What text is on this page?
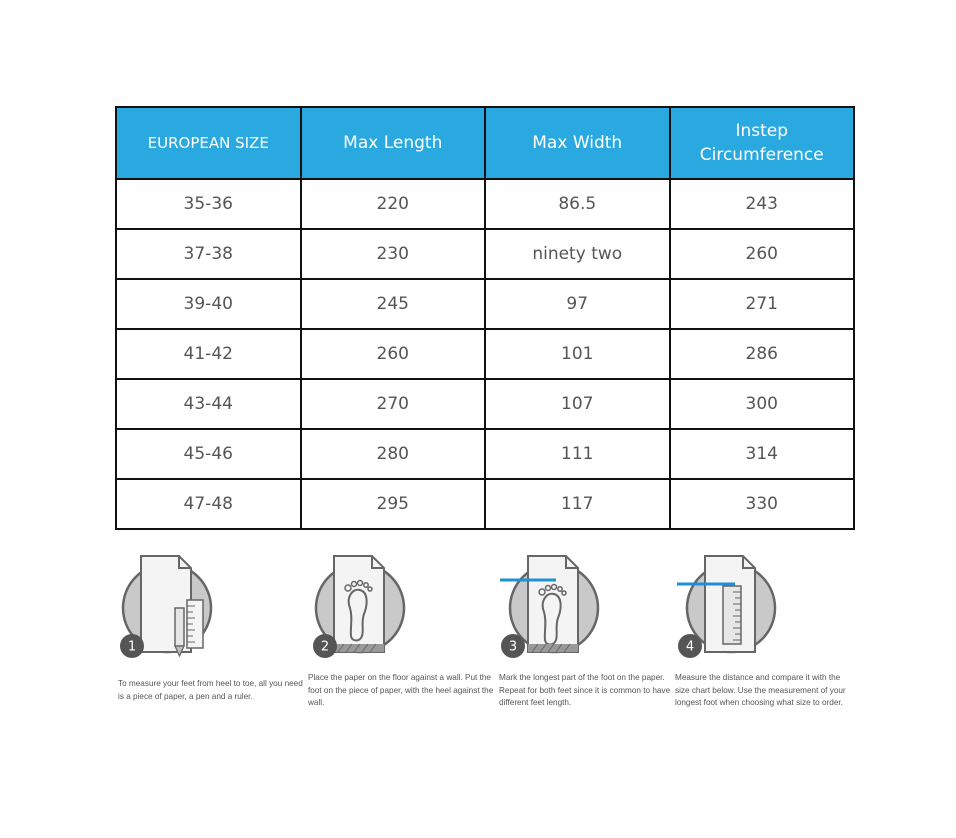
EUROPEAN SIZE	Max Length	Max Width	Instep
Circumference
35-36	220	86.5	243
37-38	230	ninety two	260
39-40	245	97	271
41-42	260	101	286
43-44	270	107	300
45-46	280	111	314
47-48	295	117	330
1
To measure your feet from heel to toe, all you need is a piece of paper, a pen and a ruler.
2
Place the paper on the floor against a wall. Put the foot on the piece of paper, with the heel against the wall.
3
Mark the longest part of the foot on the paper. Repeat for both feet since it is common to have different feet length.
4
Measure the distance and compare it with the size chart below. Use the measurement of your longest foot when choosing what size to order.
